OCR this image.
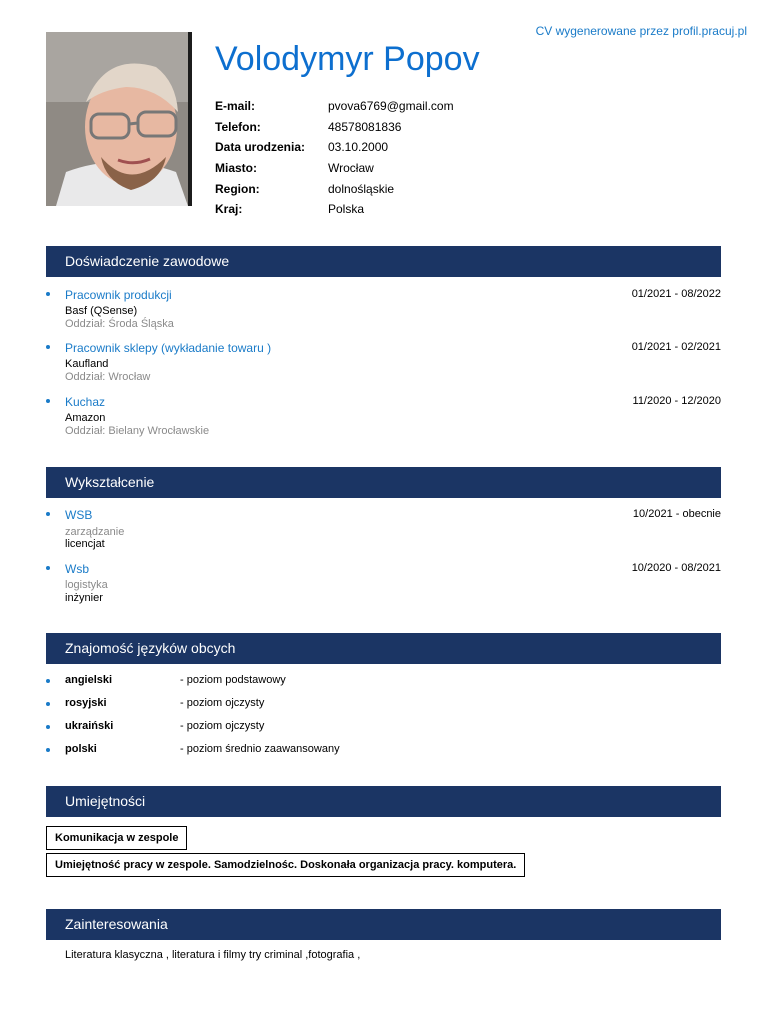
CV wygenerowane przez profil.pracuj.pl
Volodymyr Popov
E-mail:	pvova6769@gmail.com
Telefon:	48578081836
Data urodzenia:	03.10.2000
Miasto:	Wrocław
Region:	dolnośląskie
Kraj:	Polska
Doświadczenie zawodowe
Pracownik produkcji	01/2021 - 08/2022
Basf (QSense)
Oddział: Środa Śląska
Pracownik sklepy (wykładanie towaru )	01/2021 - 02/2021
Kaufland
Oddział: Wrocław
Kuchaz	11/2020 - 12/2020
Amazon
Oddział: Bielany Wrocławskie
Wykształcenie
WSB	10/2021 - obecnie
zarządzanie
licencjat
Wsb	10/2020 - 08/2021
logistyka
inżynier
Znajomość języków obcych
angielski	- poziom podstawowy
rosyjski	- poziom ojczysty
ukraiński	- poziom ojczysty
polski	- poziom średnio zaawansowany
Umiejętności
Komunikacja w zespole
Umiejętność pracy w zespole. Samodzielnośc. Doskonała organizacja pracy. komputera.
Zainteresowania
Literatura klasyczna , literatura i filmy try criminal ,fotografia ,
